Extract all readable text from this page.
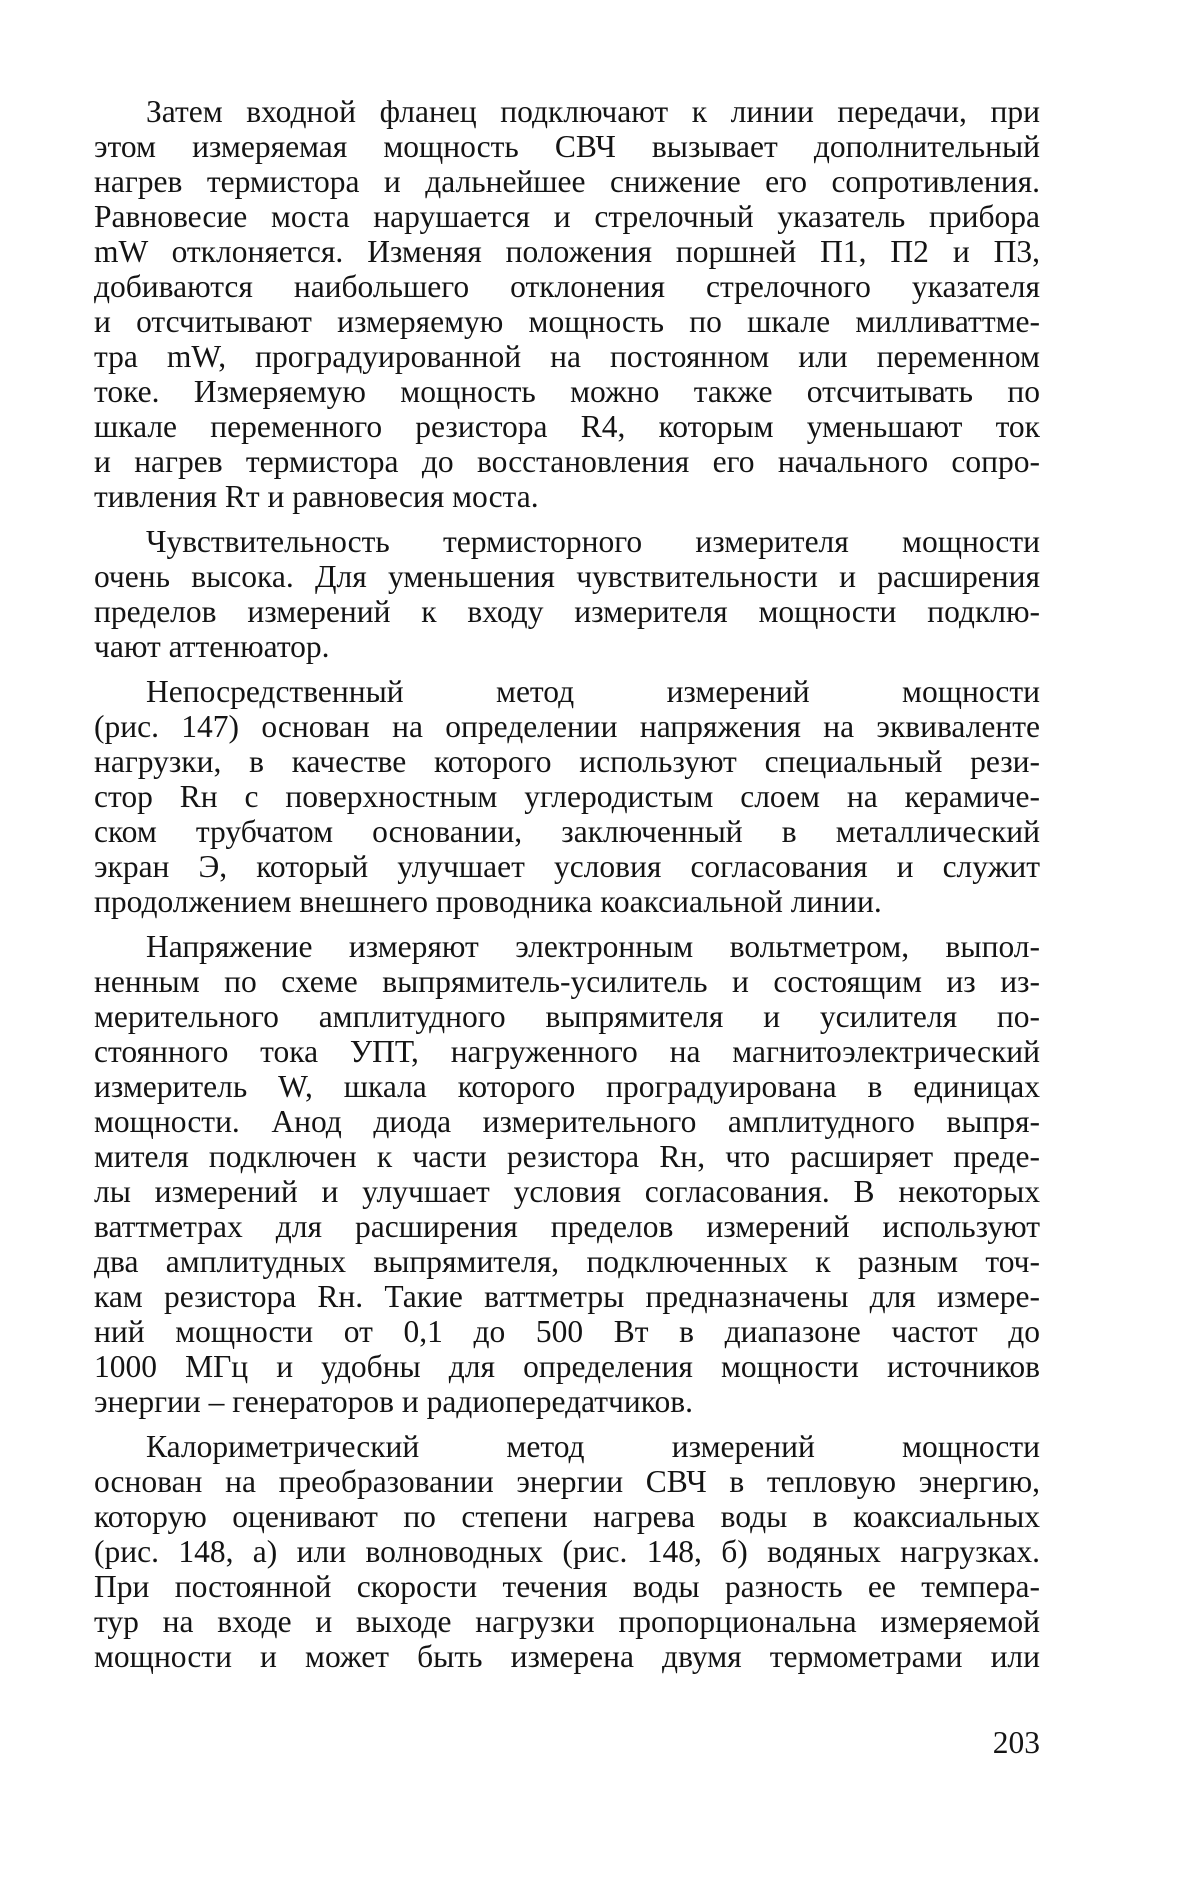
Затем входной фланец подключают к линии передачи, при
этом измеряемая мощность СВЧ вызывает дополнительный
нагрев термистора и дальнейшее снижение его сопротивления.
Равновесие моста нарушается и стрелочный указатель прибора
mW отклоняется. Изменяя положения поршней П1, П2 и П3,
добиваются наибольшего отклонения стрелочного указателя
и отсчитывают измеряемую мощность по шкале милливаттме-
тра mW, проградуированной на постоянном или переменном
токе. Измеряемую мощность можно также отсчитывать по
шкале переменного резистора R4, которым уменьшают ток
и нагрев термистора до восстановления его начального сопро-
тивления Rт и равновесия моста.
Чувствительность термисторного измерителя мощности
очень высока. Для уменьшения чувствительности и расширения
пределов измерений к входу измерителя мощности подклю-
чают аттенюатор.
Непосредственный метод измерений мощности
(рис. 147) основан на определении напряжения на эквиваленте
нагрузки, в качестве которого используют специальный рези-
стор Rн с поверхностным углеродистым слоем на керамиче-
ском трубчатом основании, заключенный в металлический
экран Э, который улучшает условия согласования и служит
продолжением внешнего проводника коаксиальной линии.
Напряжение измеряют электронным вольтметром, выпол-
ненным по схеме выпрямитель-усилитель и состоящим из из-
мерительного амплитудного выпрямителя и усилителя по-
стоянного тока УПТ, нагруженного на магнитоэлектрический
измеритель W, шкала которого проградуирована в единицах
мощности. Анод диода измерительного амплитудного выпря-
мителя подключен к части резистора Rн, что расширяет преде-
лы измерений и улучшает условия согласования. В некоторых
ваттметрах для расширения пределов измерений используют
два амплитудных выпрямителя, подключенных к разным точ-
кам резистора Rн. Такие ваттметры предназначены для измере-
ний мощности от 0,1 до 500 Вт в диапазоне частот до
1000 МГц и удобны для определения мощности источников
энергии – генераторов и радиопередатчиков.
Калориметрический метод измерений мощности
основан на преобразовании энергии СВЧ в тепловую энергию,
которую оценивают по степени нагрева воды в коаксиальных
(рис. 148, а) или волноводных (рис. 148, б) водяных нагрузках.
При постоянной скорости течения воды разность ее темпера-
тур на входе и выходе нагрузки пропорциональна измеряемой
мощности и может быть измерена двумя термометрами или
203
